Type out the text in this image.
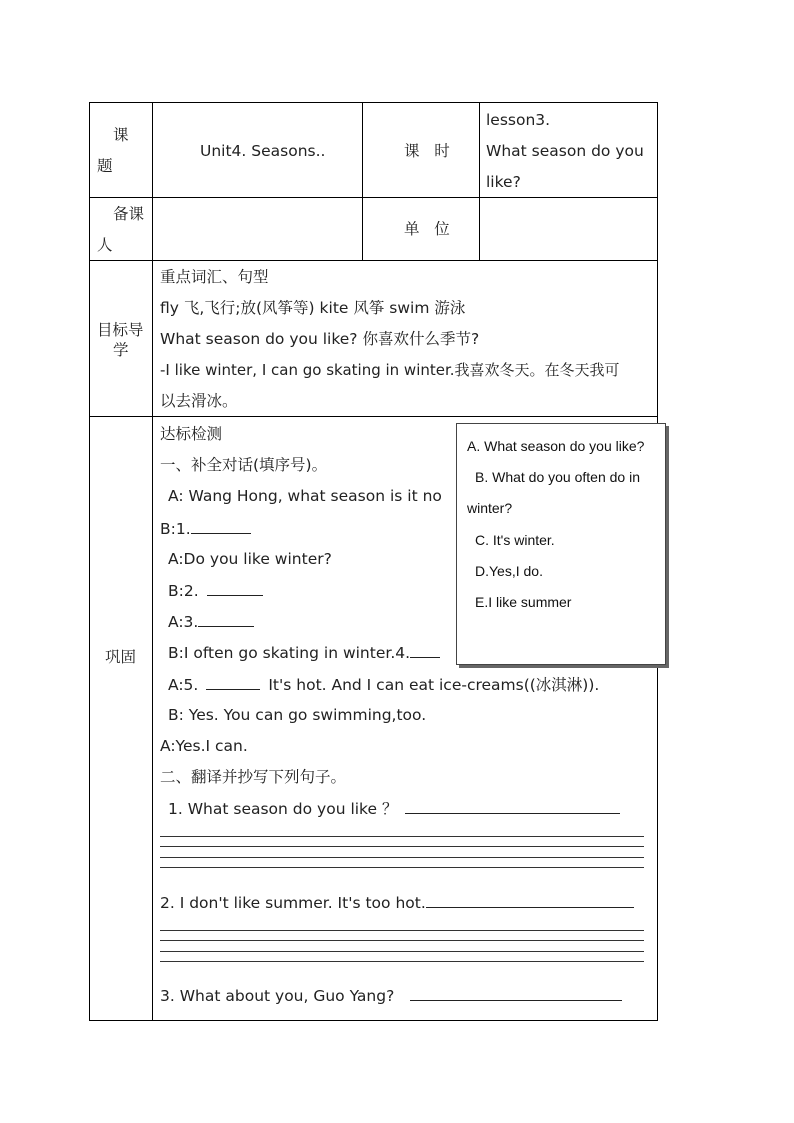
课
题
Unit4. Seasons..	课   时
lesson3.
What season do you
like?
备课
人
单   位
目标导
学
重点词汇、句型
fly 飞,飞行;放(风筝等) kite 风筝 swim 游泳
What season do you like? 你喜欢什么季节?
-I like winter, I can go skating in winter.我喜欢冬天。在冬天我可
以去滑冰。
巩固
达标检测
一、补全对话(填序号)。
A: Wang Hong, what season is it no
B:1.
A:Do you like winter?
B:2.
A:3.
B:I often go skating in winter.4.
A:5.	It's hot. And I can eat ice-creams((冰淇淋)).
B: Yes. You can go swimming,too.
A:Yes.I can.
二、翻译并抄写下列句子。
1. What season do you like ？
2. I don't like summer. It's too hot.
3. What about you, Guo Yang?
A. What season do you like?
B. What do you often do in
winter?
C. It's winter.
D.Yes,I do.
E.I like summer
